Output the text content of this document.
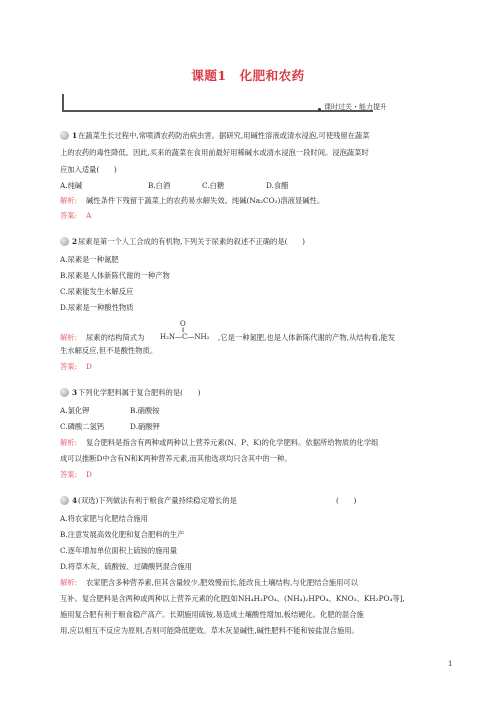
课题1　化肥和农药
课时过关・能力提升
1 在蔬菜生长过程中,常喷洒农药防治病虫害。据研究,用碱性溶液或清水浸泡,可使残留在蔬菜
上的农药的毒性降低。因此,买来的蔬菜在食用前最好用稀碱水或清水浸泡一段时间。浸泡蔬菜时
应加入适量(　　)
A.纯碱	B.白酒	C.白糖	D.食醋
解析: 碱性条件下残留于蔬菜上的农药易水解失效。纯碱(Na₂CO₃)溶液显碱性。
答案: A
2 尿素是第一个人工合成的有机物,下列关于尿素的叙述不正确的是(　　)
A.尿素是一种氮肥
B.尿素是人体新陈代谢的一种产物
C.尿素能发生水解反应
D.尿素是一种酸性物质
解析: 尿素的结构简式为
O
‖
H₂N—C—NH₂ ,它是一种氮肥,也是人体新陈代谢的产物,从结构看,能发
生水解反应,但不是酸性物质。
答案: D
3 下列化学肥料属于复合肥料的是(　　)
A.氯化钾	B.硝酸铵
C.磷酸二氢钙	D.硝酸钾
解析: 复合肥料是指含有两种或两种以上营养元素(N、P、K)的化学肥料。依据所给物质的化学组
成可以推断D中含有N和K两种营养元素,而其他选项均只含其中的一种。
答案: D
4 (双选)下列做法有利于粮食产量持续稳定增长的是	(　　)
A.将农家肥与化肥结合施用
B.注意发展高效化肥和复合肥料的生产
C.逐年增加单位面积上硫铵的施用量
D.将草木灰、硫酸铵、过磷酸钙混合施用
解析: 农家肥含多种营养素,但其含量较少,肥效慢而长,能改良土壤结构,与化肥结合施用可以
互补。复合肥料是含两种或两种以上营养元素的化肥[如NH₄H₂PO₄、(NH₄)₂HPO₄、KNO₃、KH₂PO₄等],
施用复合肥有利于粮食稳产高产。长期施用硫铵,易造成土壤酸性增加,板结硬化。化肥的混合施
用,应以相互不反应为原则,否则可能降低肥效。草木灰显碱性,碱性肥料不能和铵盐混合施用。
1
